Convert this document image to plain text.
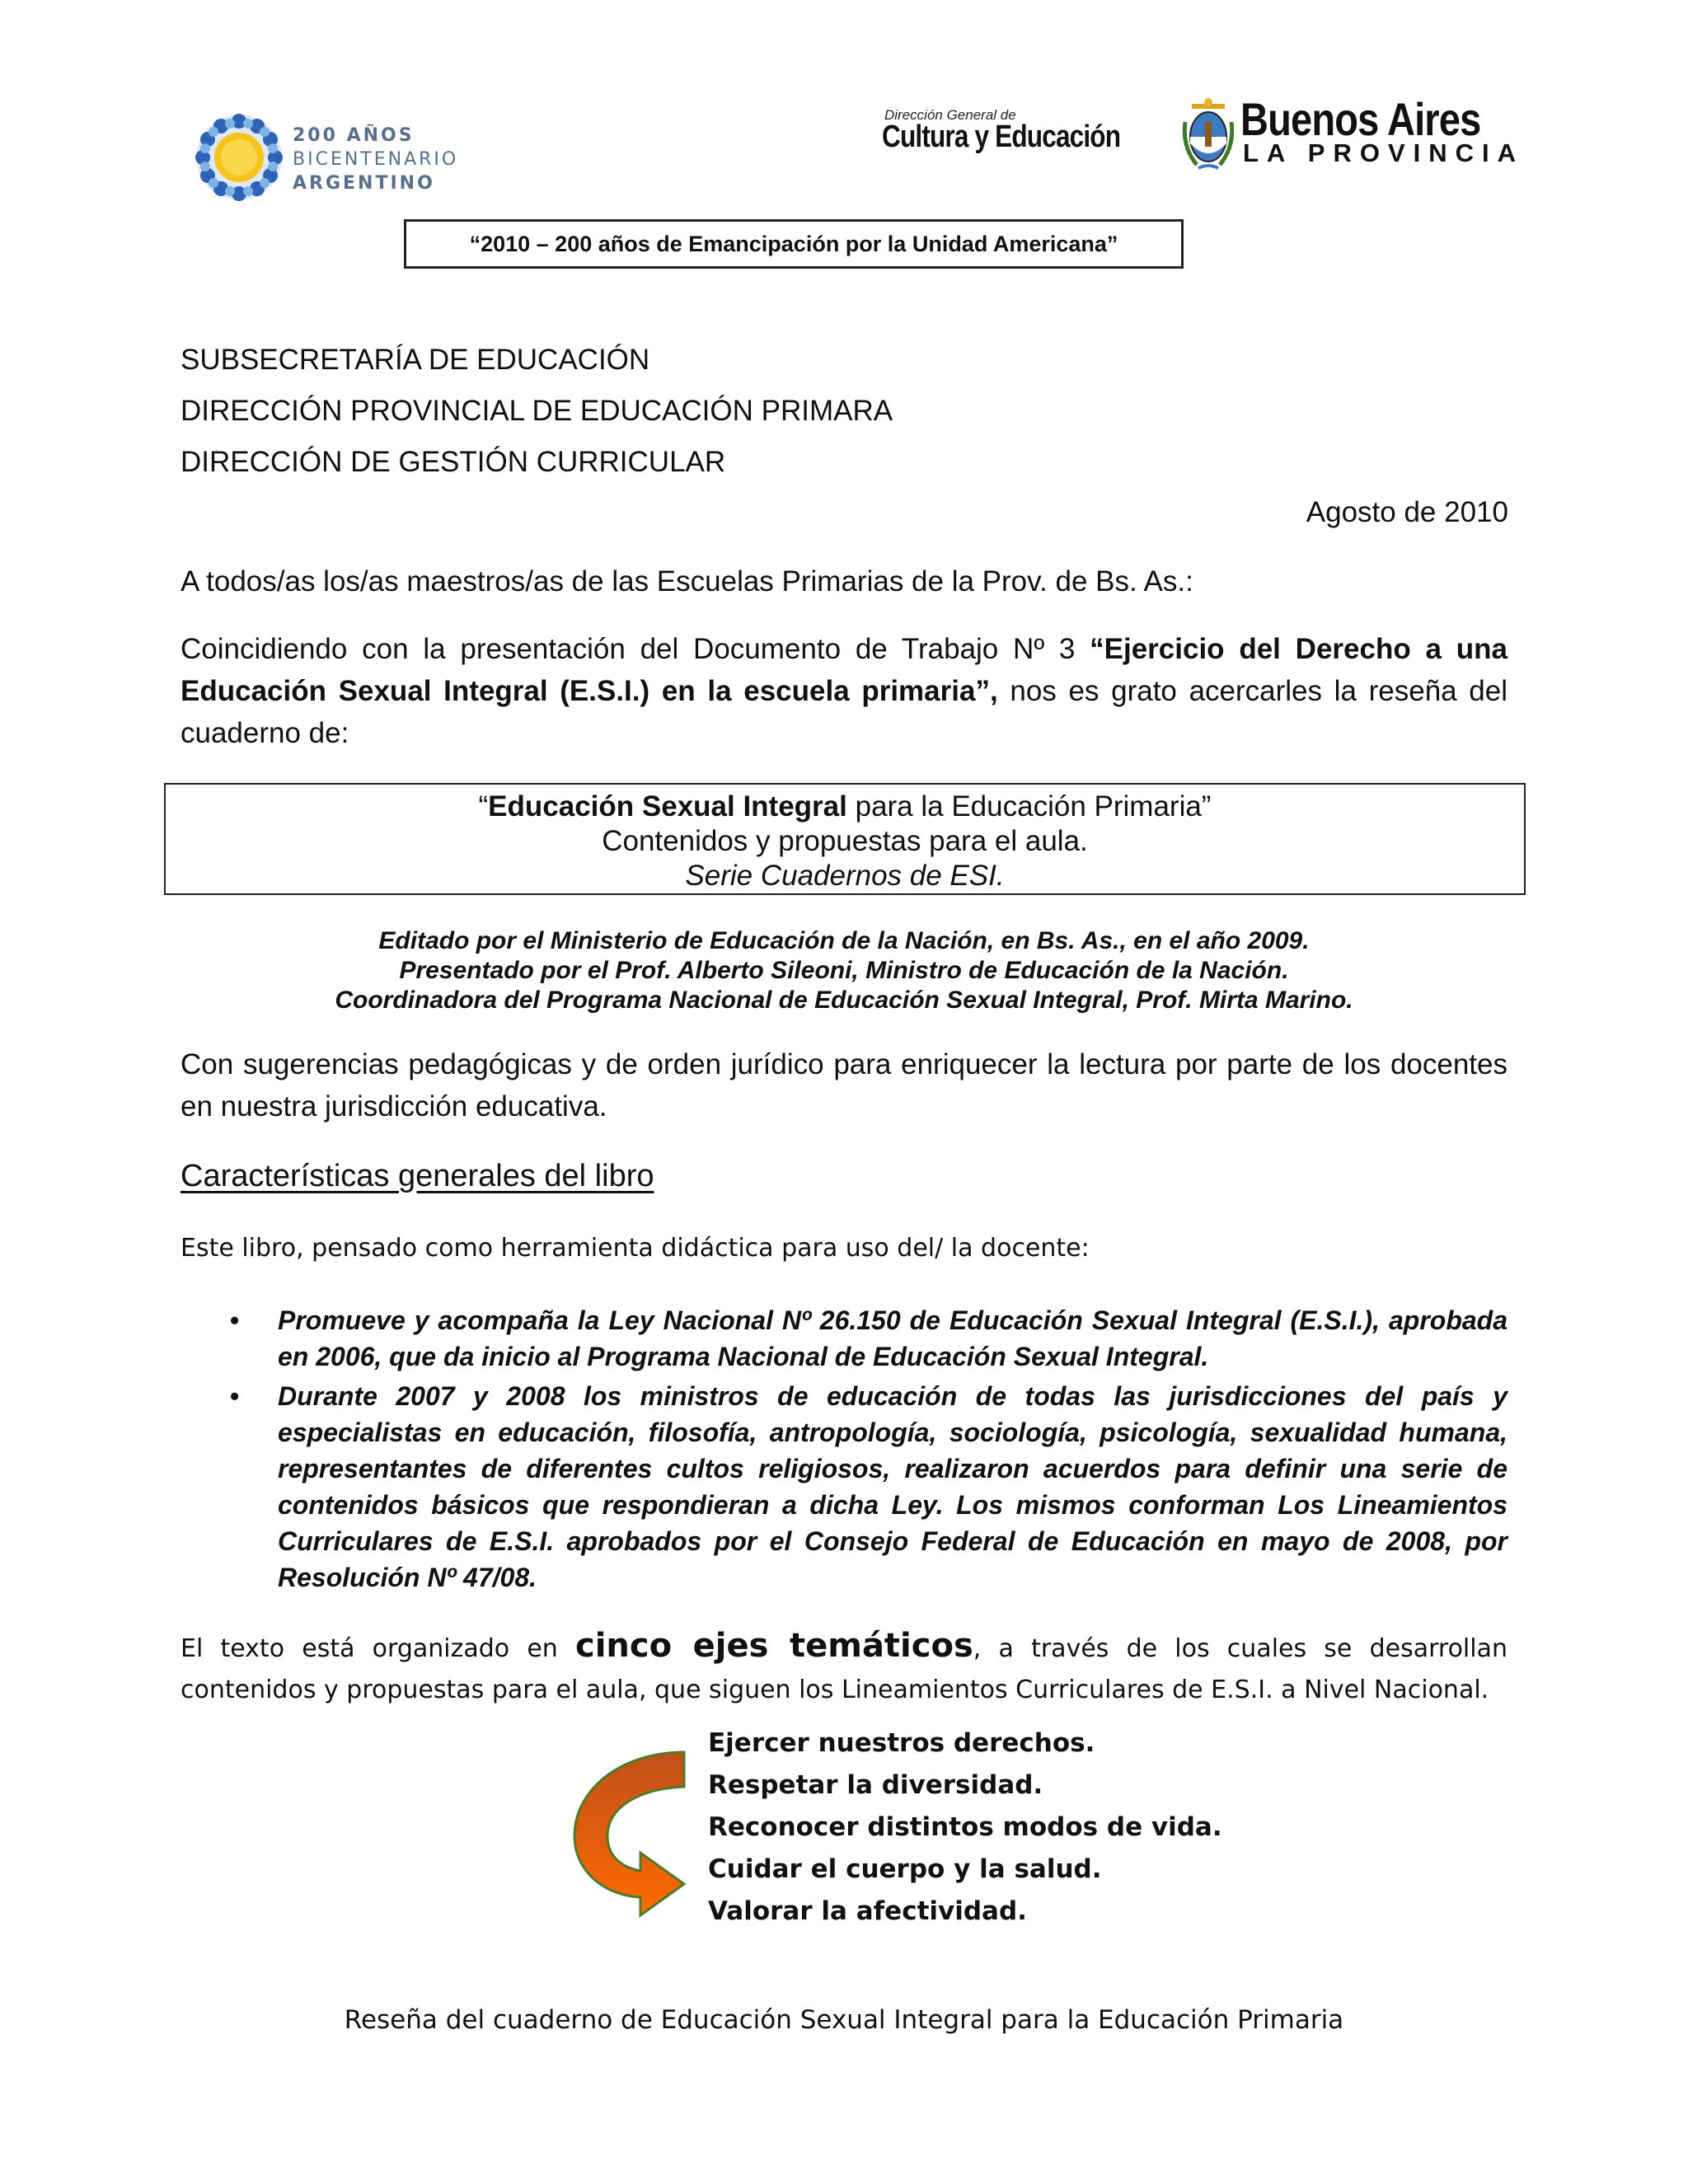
200 AÑOS
BICENTENARIO
ARGENTINO
Dirección General de
Cultura y Educación	Buenos Aires
LA PROVINCIA
“2010 – 200 años de Emancipación por la Unidad Americana”
SUBSECRETARÍA DE EDUCACIÓN
DIRECCIÓN PROVINCIAL DE EDUCACIÓN PRIMARA
DIRECCIÓN DE GESTIÓN CURRICULAR
Agosto de 2010
A todos/as los/as maestros/as de las Escuelas Primarias de la Prov. de Bs. As.:
Coincidiendo con la presentación del Documento de Trabajo Nº 3 “Ejercicio del Derecho a una Educación Sexual Integral (E.S.I.) en la escuela primaria”, nos es grato acercarles la reseña del cuaderno de:
“Educación Sexual Integral para la Educación Primaria”
Contenidos y propuestas para el aula.
Serie Cuadernos de ESI.
Editado por el Ministerio de Educación de la Nación, en Bs. As., en el año 2009.
Presentado por el Prof. Alberto Sileoni, Ministro de Educación de la Nación.
Coordinadora del Programa Nacional de Educación Sexual Integral, Prof. Mirta Marino.
Con sugerencias pedagógicas y de orden jurídico para enriquecer la lectura por parte de los docentes en nuestra jurisdicción educativa.
Características generales del libro
Este libro, pensado como herramienta didáctica para uso del/ la docente:
• Promueve y acompaña la Ley Nacional Nº 26.150 de Educación Sexual Integral (E.S.I.), aprobada en 2006, que da inicio al Programa Nacional de Educación Sexual Integral.
• Durante 2007 y 2008 los ministros de educación de todas las jurisdicciones del país y especialistas en educación, filosofía, antropología, sociología, psicología, sexualidad humana, representantes de diferentes cultos religiosos, realizaron acuerdos para definir una serie de contenidos básicos que respondieran a dicha Ley. Los mismos conforman Los Lineamientos Curriculares de E.S.I. aprobados por el Consejo Federal de Educación en mayo de 2008, por Resolución Nº 47/08.
El texto está organizado en cinco ejes temáticos, a través de los cuales se desarrollan contenidos y propuestas para el aula, que siguen los Lineamientos Curriculares de E.S.I. a Nivel Nacional.
Ejercer nuestros derechos.
Respetar la diversidad.
Reconocer distintos modos de vida.
Cuidar el cuerpo y la salud.
Valorar la afectividad.
Reseña del cuaderno de Educación Sexual Integral para la Educación Primaria
